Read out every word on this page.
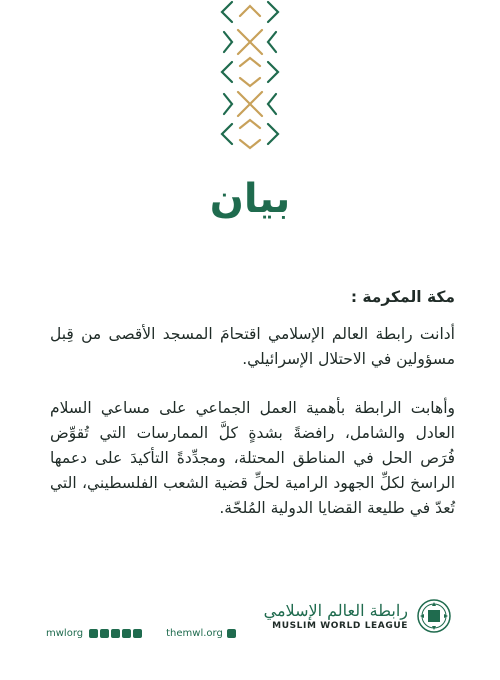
بيان

مكة المكرمة :

أدانت رابطة العالم الإسلامي اقتحامَ المسجد الأقصى من قِبل مسؤولين في الاحتلال الإسرائيلي.

وأهابت الرابطة بأهمية العمل الجماعي على مساعي السلام العادل والشامل، رافضةً بشدةٍ كلَّ الممارسات التي تُقوِّض فُرَص الحل في المناطق المحتلة، ومجدِّدةً التأكيدَ على دعمها الراسخ لكلِّ الجهود الرامية لحلِّ قضية الشعب الفلسطيني، التي تُعدّ في طليعة القضايا الدولية المُلحّة.

mwlorg	themwl.org
رابطة العالم الإسلامي
MUSLIM WORLD LEAGUE
